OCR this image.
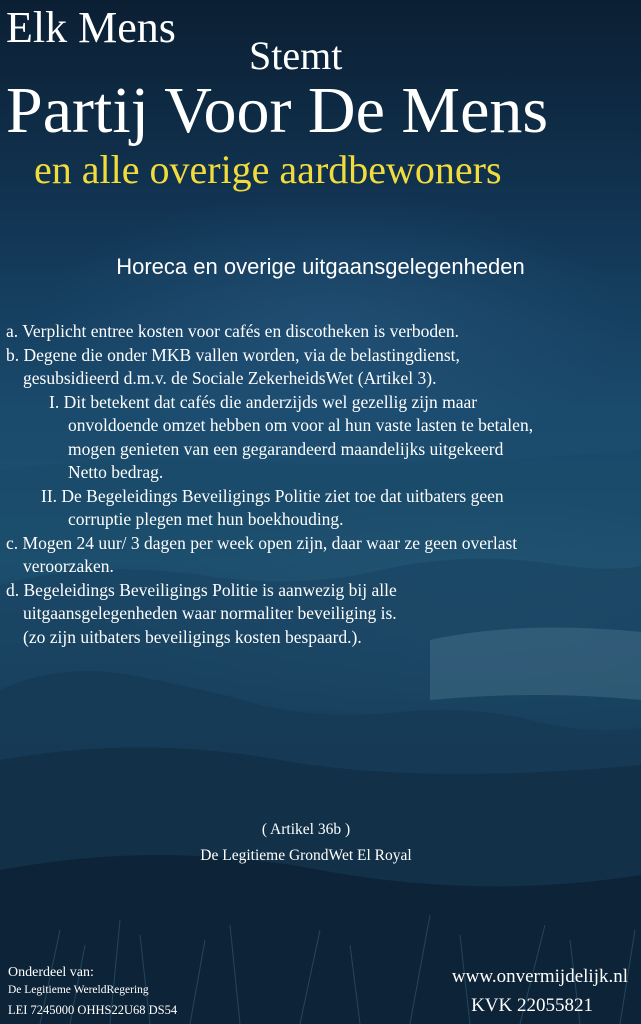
Elk Mens
Stemt
Partij Voor De Mens
en alle overige aardbewoners
Horeca en overige uitgaansgelegenheden
a. Verplicht entree kosten voor cafés en discotheken is verboden.
b. Degene die onder MKB vallen worden, via de belastingdienst,
gesubsidieerd d.m.v. de Sociale ZekerheidsWet (Artikel 3).
I. Dit betekent dat cafés die anderzijds wel gezellig zijn maar
onvoldoende omzet hebben om voor al hun vaste lasten te betalen,
mogen genieten van een gegarandeerd maandelijks uitgekeerd
Netto bedrag.
II. De Begeleidings Beveiligings Politie ziet toe dat uitbaters geen
corruptie plegen met hun boekhouding.
c. Mogen 24 uur/ 3 dagen per week open zijn, daar waar ze geen overlast
veroorzaken.
d. Begeleidings Beveiligings Politie is aanwezig bij alle
uitgaansgelegenheden waar normaliter beveiliging is.
(zo zijn uitbaters beveiligings kosten bespaard.).
( Artikel 36b )
De Legitieme GrondWet El Royal
Onderdeel van:
De Legitieme WereldRegering
LEI 7245000 OHHS22U68 DS54
www.onvermijdelijk.nl
KVK 22055821
